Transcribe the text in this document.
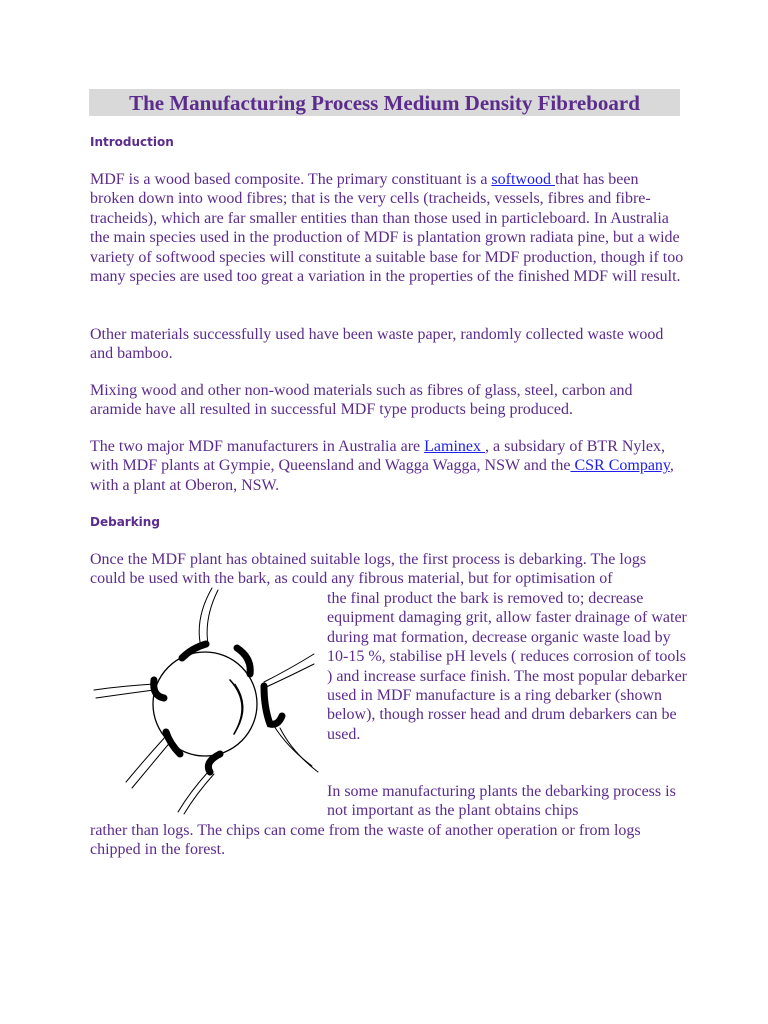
The Manufacturing Process Medium Density Fibreboard
Introduction
MDF is a wood based composite. The primary constituant is a softwood that has been broken down into wood fibres; that is the very cells (tracheids, vessels, fibres and fibre-tracheids), which are far smaller entities than than those used in particleboard. In Australia the main species used in the production of MDF is plantation grown radiata pine, but a wide variety of softwood species will constitute a suitable base for MDF production, though if too many species are used too great a variation in the properties of the finished MDF will result.
Other materials successfully used have been waste paper, randomly collected waste wood and bamboo.
Mixing wood and other non-wood materials such as fibres of glass, steel, carbon and aramide have all resulted in successful MDF type products being produced.
The two major MDF manufacturers in Australia are Laminex , a subsidary of BTR Nylex, with MDF plants at Gympie, Queensland and Wagga Wagga, NSW and the CSR Company, with a plant at Oberon, NSW.
Debarking
Once the MDF plant has obtained suitable logs, the first process is debarking. The logs could be used with the bark, as could any fibrous material, but for optimisation of
the final product the bark is removed to; decrease equipment damaging grit, allow faster drainage of water during mat formation, decrease organic waste load by 10-15 %, stabilise pH levels ( reduces corrosion of tools ) and increase surface finish. The most popular debarker used in MDF manufacture is a ring debarker (shown below), though rosser head and drum debarkers can be used.
In some manufacturing plants the debarking process is not important as the plant obtains chips
rather than logs. The chips can come from the waste of another operation or from logs chipped in the forest.
